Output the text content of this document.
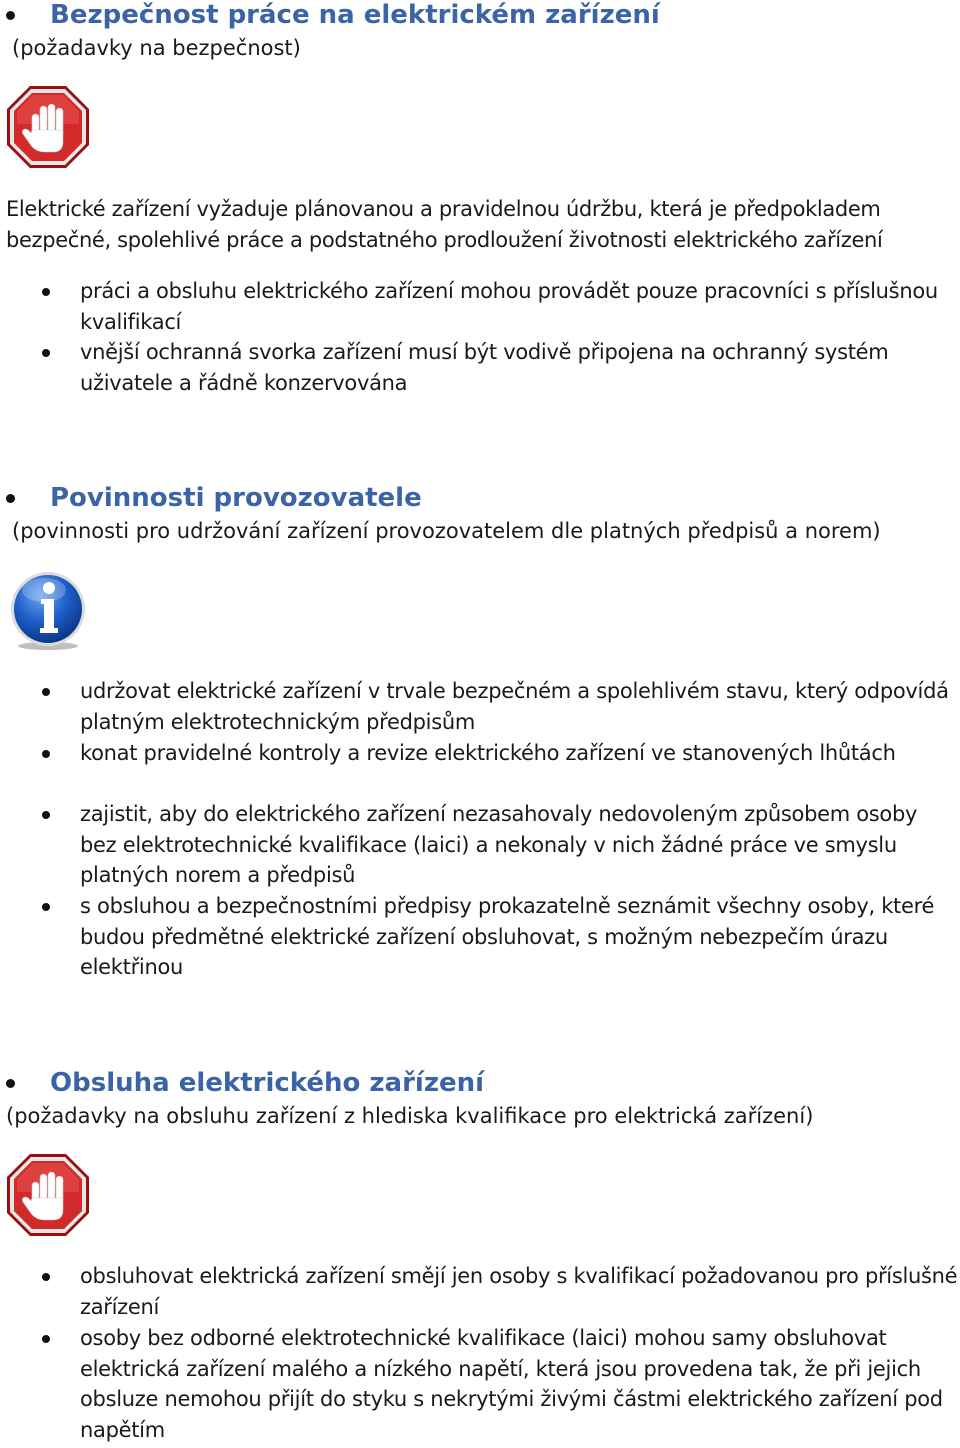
Bezpečnost práce na elektrickém zařízení
(požadavky na bezpečnost)
Elektrické zařízení vyžaduje plánovanou a pravidelnou údržbu, která je předpokladem bezpečné, spolehlivé práce a podstatného prodloužení životnosti elektrického zařízení
práci a obsluhu elektrického zařízení mohou provádět pouze pracovníci s příslušnou kvalifikací
vnější ochranná svorka zařízení musí být vodivě připojena na ochranný systém uživatele a řádně konzervována
Povinnosti provozovatele
(povinnosti pro udržování zařízení provozovatelem dle platných předpisů a norem)
udržovat elektrické zařízení v trvale bezpečném a spolehlivém stavu, který odpovídá platným elektrotechnickým předpisům
konat pravidelné kontroly a revize elektrického zařízení ve stanovených lhůtách
zajistit, aby do elektrického zařízení nezasahovaly nedovoleným způsobem osoby bez elektrotechnické kvalifikace (laici) a nekonaly v nich žádné práce ve smyslu platných norem a předpisů
s obsluhou a bezpečnostními předpisy prokazatelně seznámit všechny osoby, které budou předmětné elektrické zařízení obsluhovat, s možným nebezpečím úrazu elektřinou
Obsluha elektrického zařízení
(požadavky na obsluhu zařízení z hlediska kvalifikace pro elektrická zařízení)
obsluhovat elektrická zařízení smějí jen osoby s kvalifikací požadovanou pro příslušné zařízení
osoby bez odborné elektrotechnické kvalifikace (laici) mohou samy obsluhovat elektrická zařízení malého a nízkého napětí, která jsou provedena tak, že při jejich obsluze nemohou přijít do styku s nekrytými živými částmi elektrického zařízení pod napětím
